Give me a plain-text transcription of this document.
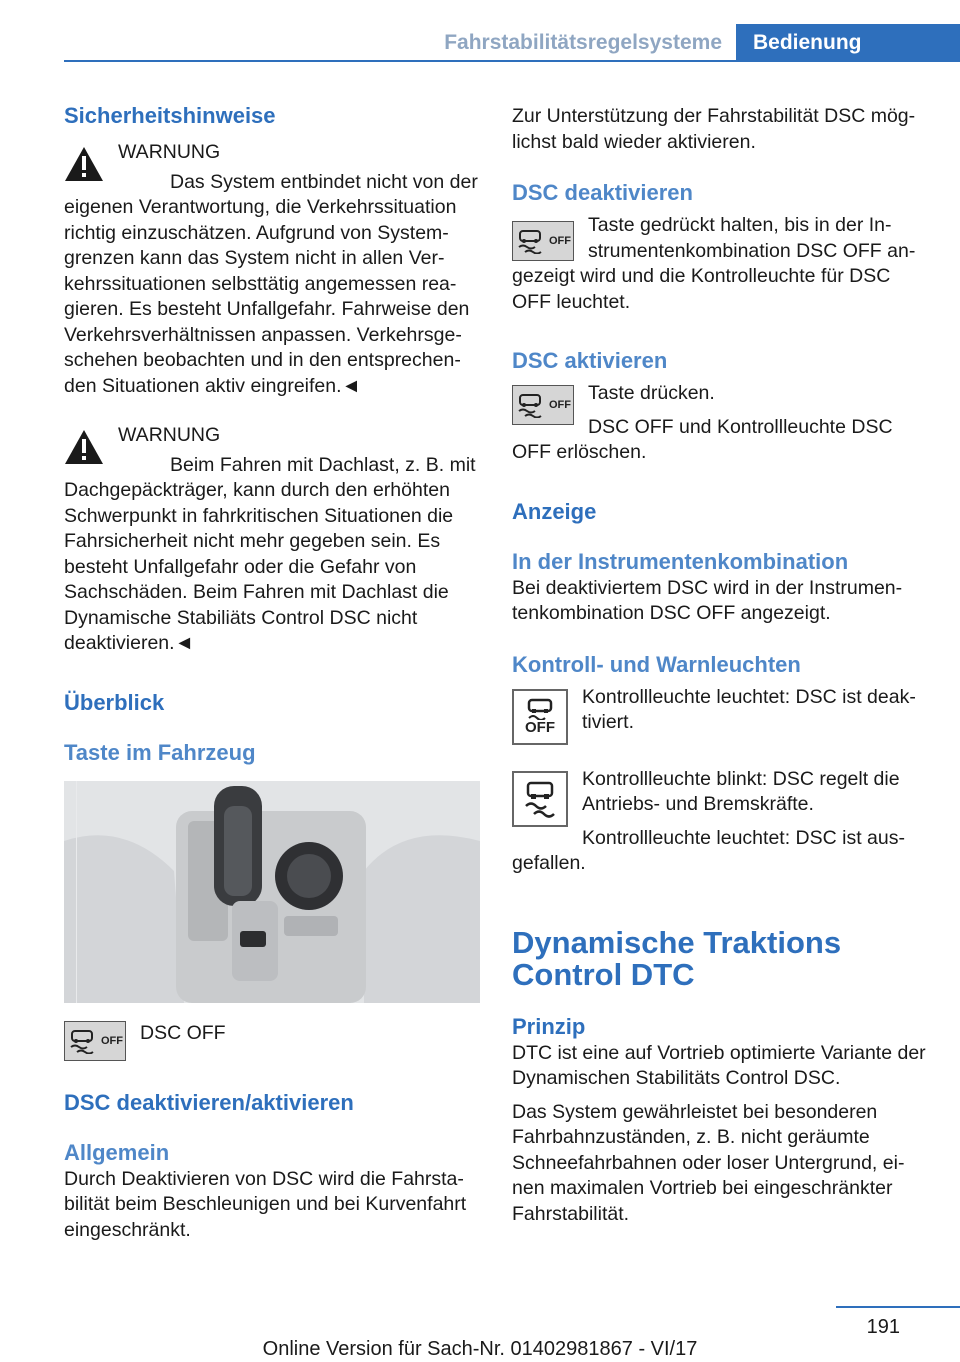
Fahrstabilitätsregelsysteme	Bedienung
Sicherheitshinweise

WARNUNG

Das System entbindet nicht von der eigenen Verantwortung, die Verkehrssituation richtig einzuschätzen. Aufgrund von Systemgrenzen kann das System nicht in allen Verkehrssituationen selbsttätig angemessen reagieren. Es besteht Unfallgefahr. Fahrweise den Verkehrsverhältnissen anpassen. Verkehrsgeschehen beobachten und in den entsprechenden Situationen aktiv eingreifen.◄

WARNUNG

Beim Fahren mit Dachlast, z. B. mit Dachgepäckträger, kann durch den erhöhten Schwerpunkt in fahrkritischen Situationen die Fahrsicherheit nicht mehr gegeben sein. Es besteht Unfallgefahr oder die Gefahr von Sachschäden. Beim Fahren mit Dachlast die Dynamische Stabiliäts Control DSC nicht deaktivieren.◄

Überblick
Taste im Fahrzeug
OFF DSC OFF

DSC deaktivieren/aktivieren
Allgemein

Durch Deaktivieren von DSC wird die Fahrstabilität beim Beschleunigen und bei Kurvenfahrt eingeschränkt.

Zur Unterstützung der Fahrstabilität DSC möglichst bald wieder aktivieren.

DSC deaktivieren
OFF

Taste gedrückt halten, bis in der Instrumentenkombination DSC OFF angezeigt wird und die Kontrolleuchte für DSC OFF leuchtet.

DSC aktivieren
OFF

Taste drücken.

DSC OFF und Kontrollleuchte DSC OFF erlöschen.

Anzeige
In der Instrumentenkombination

Bei deaktiviertem DSC wird in der Instrumentenkombination DSC OFF angezeigt.

Kontroll- und Warnleuchten
OFF

Kontrollleuchte leuchtet: DSC ist deaktiviert.

Kontrollleuchte blinkt: DSC regelt die Antriebs- und Bremskräfte.

Kontrollleuchte leuchtet: DSC ist ausgefallen.

Dynamische Traktions Control DTC
Prinzip

DTC ist eine auf Vortrieb optimierte Variante der Dynamischen Stabilitäts Control DSC.

Das System gewährleistet bei besonderen Fahrbahnzuständen, z. B. nicht geräumte Schneefahrbahnen oder loser Untergrund, einen maximalen Vortrieb bei eingeschränkter Fahrstabilität.

191
Online Version für Sach-Nr. 01402981867 - VI/17
